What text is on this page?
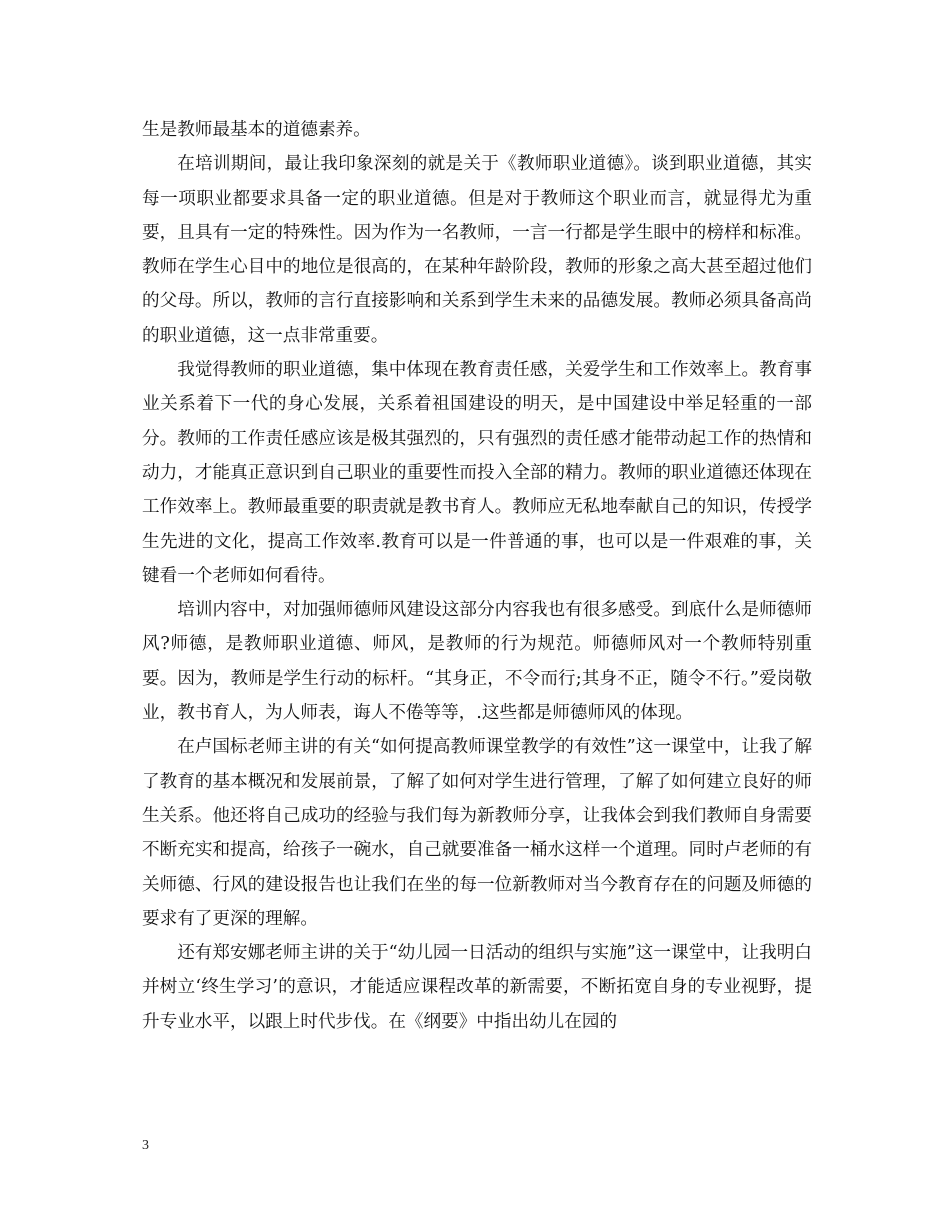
生是教师最基本的道德素养。

在培训期间，最让我印象深刻的就是关于《教师职业道德》。谈到职业道德，其实每一项职业都要求具备一定的职业道德。但是对于教师这个职业而言，就显得尤为重要，且具有一定的特殊性。因为作为一名教师，一言一行都是学生眼中的榜样和标准。教师在学生心目中的地位是很高的，在某种年龄阶段，教师的形象之高大甚至超过他们的父母。所以，教师的言行直接影响和关系到学生未来的品德发展。教师必须具备高尚的职业道德，这一点非常重要。

我觉得教师的职业道德，集中体现在教育责任感，关爱学生和工作效率上。教育事业关系着下一代的身心发展，关系着祖国建设的明天，是中国建设中举足轻重的一部分。教师的工作责任感应该是极其强烈的，只有强烈的责任感才能带动起工作的热情和动力，才能真正意识到自己职业的重要性而投入全部的精力。教师的职业道德还体现在工作效率上。教师最重要的职责就是教书育人。教师应无私地奉献自己的知识，传授学生先进的文化，提高工作效率.教育可以是一件普通的事，也可以是一件艰难的事，关键看一个老师如何看待。

培训内容中，对加强师德师风建设这部分内容我也有很多感受。到底什么是师德师风?师德，是教师职业道德、师风，是教师的行为规范。师德师风对一个教师特别重要。因为，教师是学生行动的标杆。“其身正，不令而行;其身不正，随令不行。”爱岗敬业，教书育人，为人师表，诲人不倦等等，.这些都是师德师风的体现。

在卢国标老师主讲的有关“如何提高教师课堂教学的有效性”这一课堂中，让我了解了教育的基本概况和发展前景，了解了如何对学生进行管理，了解了如何建立良好的师生关系。他还将自己成功的经验与我们每为新教师分享，让我体会到我们教师自身需要不断充实和提高，给孩子一碗水，自己就要准备一桶水这样一个道理。同时卢老师的有关师德、行风的建设报告也让我们在坐的每一位新教师对当今教育存在的问题及师德的要求有了更深的理解。

还有郑安娜老师主讲的关于“幼儿园一日活动的组织与实施”这一课堂中，让我明白并树立‘终生学习’的意识，才能适应课程改革的新需要，不断拓宽自身的专业视野，提升专业水平，以跟上时代步伐。在《纲要》中指出幼儿在园的

3
